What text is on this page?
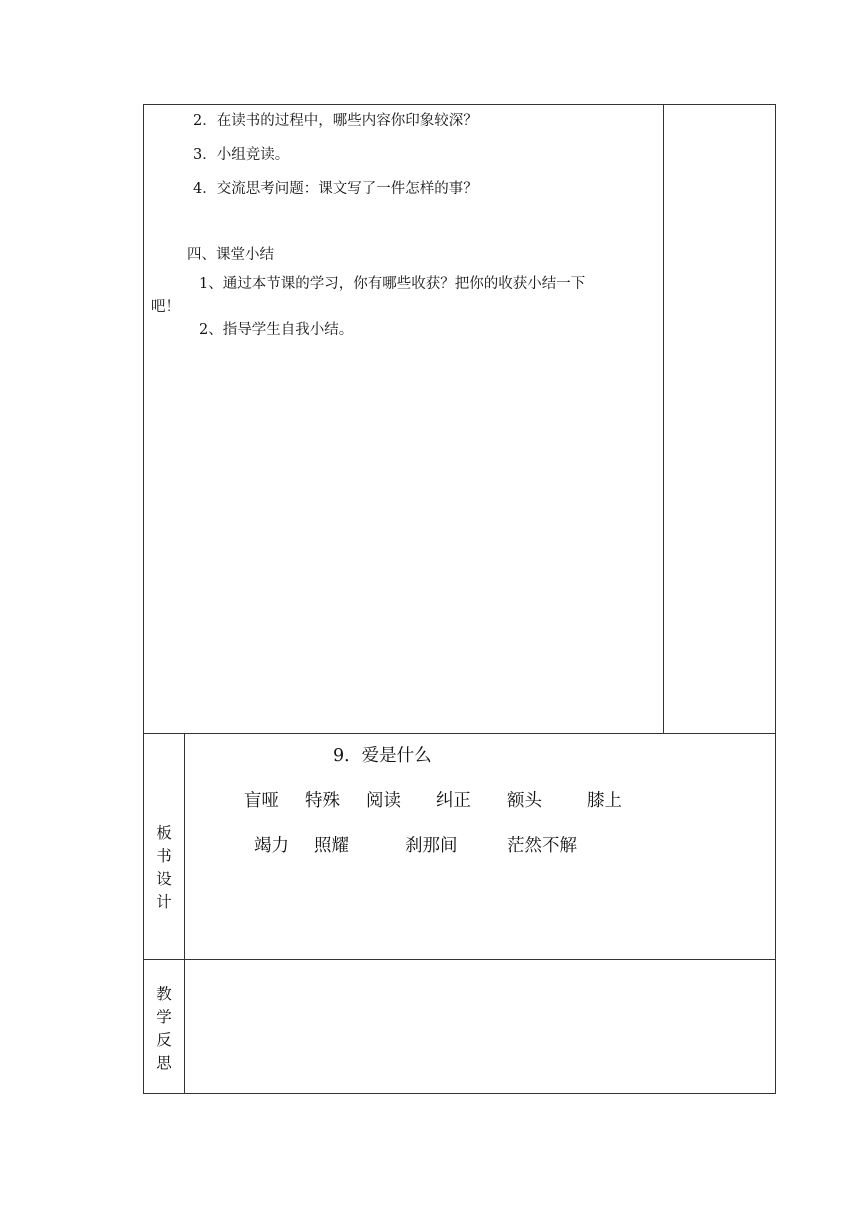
2．在读书的过程中，哪些内容你印象较深？
3．小组竞读。
4．交流思考问题：课文写了一件怎样的事？
四、课堂小结
1、通过本节课的学习，你有哪些收获？把你的收获小结一下
吧！
2、指导学生自我小结。
板
书
设
计
9．爱是什么
盲哑 特殊 阅读 纠正 额头	膝上
竭力 照耀	刹那间	茫然不解
教
学
反
思
